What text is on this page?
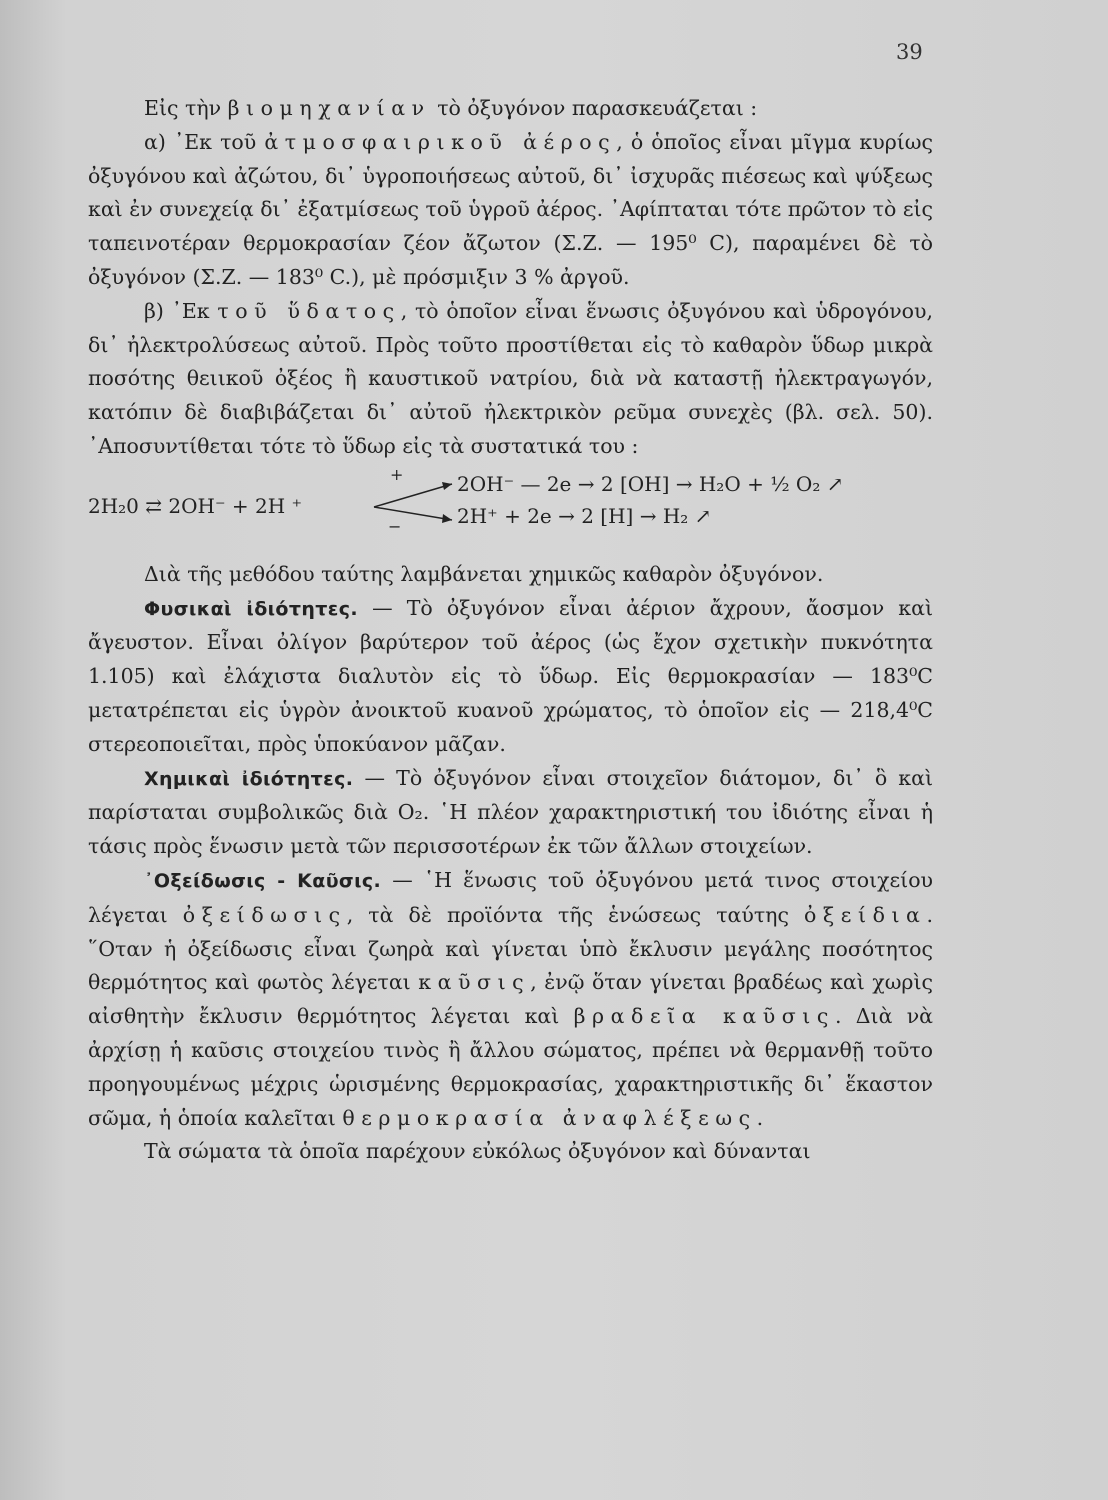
39

Εἰς τὴν βιομηχανίαν τὸ ὀξυγόνον παρασκευάζεται :

α) ᾿Εκ τοῦ ἀτμοσφαιρικοῦ ἀέρος, ὁ ὁποῖος εἶναι μῖγμα κυρίως ὀξυγόνου καὶ ἀζώτου, δι᾿ ὑγροποιήσεως αὐτοῦ, δι᾿ ἰσχυρᾶς πιέσεως καὶ ψύξεως καὶ ἐν συνεχείᾳ δι᾿ ἐξατμίσεως τοῦ ὑγροῦ ἀέρος. ᾿Αφίπταται τότε πρῶτον τὸ εἰς ταπεινοτέραν θερμοκρασίαν ζέον ἄζωτον (Σ.Ζ. — 195⁰ C), παραμένει δὲ τὸ ὀξυγόνον (Σ.Ζ. — 183⁰ C.), μὲ πρόσμιξιν 3 % ἀργοῦ.

β) ᾿Εκ τοῦ ὕδατος, τὸ ὁποῖον εἶναι ἕνωσις ὀξυγόνου καὶ ὑδρογόνου, δι᾿ ἠλεκτρολύσεως αὐτοῦ. Πρὸς τοῦτο προστίθεται εἰς τὸ καθαρὸν ὕδωρ μικρὰ ποσότης θειικοῦ ὀξέος ἢ καυστικοῦ νατρίου, διὰ νὰ καταστῇ ἠλεκτραγωγόν, κατόπιν δὲ διαβιβάζεται δι᾿ αὐτοῦ ἠλεκτρικὸν ρεῦμα συνεχὲς (βλ. σελ. 50). ᾿Αποσυντίθεται τότε τὸ ὕδωρ εἰς τὰ συστατικά του :

2H₂0 ⇄ 2OH⁻ + 2H ⁺
+
−
2OH⁻ — 2e → 2 [OH] → H₂O + ½ O₂ ↗
2H⁺ + 2e → 2 [H] → H₂ ↗

Διὰ τῆς μεθόδου ταύτης λαμβάνεται χημικῶς καθαρὸν ὀξυγόνον.

Φυσικαὶ ἰδιότητες. — Τὸ ὀξυγόνον εἶναι ἀέριον ἄχρουν, ἄοσμον καὶ ἄγευστον. Εἶναι ὀλίγον βαρύτερον τοῦ ἀέρος (ὡς ἔχον σχετικὴν πυκνότητα 1.105) καὶ ἐλάχιστα διαλυτὸν εἰς τὸ ὕδωρ. Εἰς θερμοκρασίαν — 183⁰C μετατρέπεται εἰς ὑγρὸν ἀνοικτοῦ κυανοῦ χρώματος, τὸ ὁποῖον εἰς — 218,4⁰C στερεοποιεῖται, πρὸς ὑποκύανον μᾶζαν.

Χημικαὶ ἰδιότητες. — Τὸ ὀξυγόνον εἶναι στοιχεῖον διάτομον, δι᾿ ὃ καὶ παρίσταται συμβολικῶς διὰ O₂. ῾Η πλέον χαρακτηριστική του ἰδιότης εἶναι ἡ τάσις πρὸς ἕνωσιν μετὰ τῶν περισσοτέρων ἐκ τῶν ἄλλων στοιχείων.

᾿Οξείδωσις - Καῦσις. — ῾Η ἕνωσις τοῦ ὀξυγόνου μετά τινος στοιχείου λέγεται ὀξείδωσις, τὰ δὲ προϊόντα τῆς ἑνώσεως ταύτης ὀξείδια. ῞Οταν ἡ ὀξείδωσις εἶναι ζωηρὰ καὶ γίνεται ὑπὸ ἔκλυσιν μεγάλης ποσότητος θερμότητος καὶ φωτὸς λέγεται καῦσις, ἐνῷ ὅταν γίνεται βραδέως καὶ χωρὶς αἰσθητὴν ἔκλυσιν θερμότητος λέγεται καὶ βραδεῖα καῦσις. Διὰ νὰ ἀρχίσῃ ἡ καῦσις στοιχείου τινὸς ἢ ἄλλου σώματος, πρέπει νὰ θερμανθῇ τοῦτο προηγουμένως μέχρις ὡρισμένης θερμοκρασίας, χαρακτηριστικῆς δι᾿ ἕκαστον σῶμα, ἡ ὁποία καλεῖται θερμοκρασία ἀναφλέξεως.

Τὰ σώματα τὰ ὁποῖα παρέχουν εὐκόλως ὀξυγόνον καὶ δύνανται
